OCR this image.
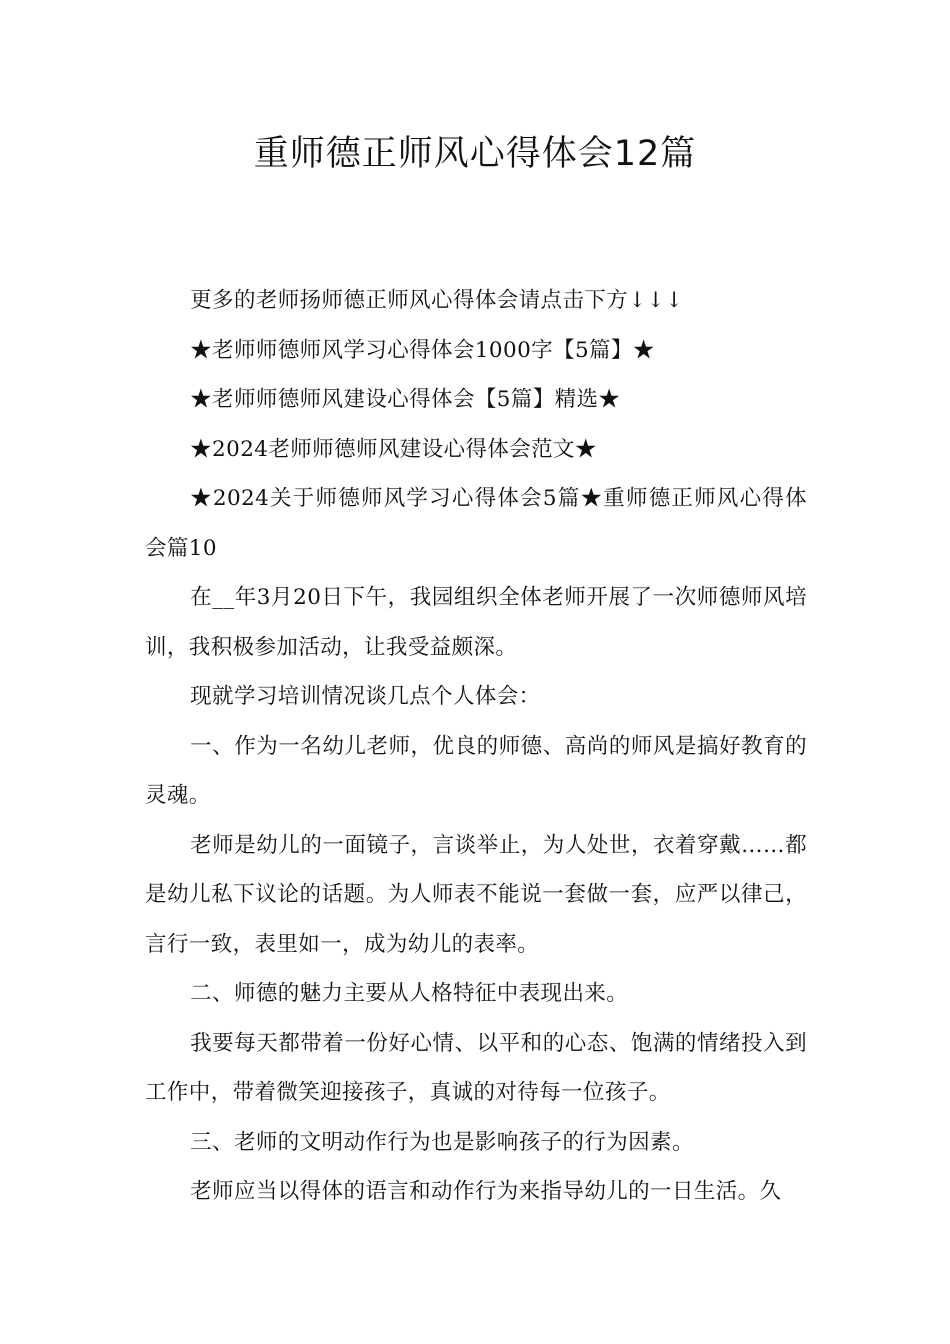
重师德正师风心得体会12篇

更多的老师扬师德正师风心得体会请点击下方↓↓↓

★老师师德师风学习心得体会1000字【5篇】★

★老师师德师风建设心得体会【5篇】精选★

★2024老师师德师风建设心得体会范文★

★2024关于师德师风学习心得体会5篇★重师德正师风心得体会篇10

在__年3月20日下午，我园组织全体老师开展了一次师德师风培训，我积极参加活动，让我受益颇深。

现就学习培训情况谈几点个人体会：

一、作为一名幼儿老师，优良的师德、高尚的师风是搞好教育的灵魂。

老师是幼儿的一面镜子，言谈举止，为人处世，衣着穿戴……都是幼儿私下议论的话题。为人师表不能说一套做一套，应严以律己，言行一致，表里如一，成为幼儿的表率。

二、师德的魅力主要从人格特征中表现出来。

我要每天都带着一份好心情、以平和的心态、饱满的情绪投入到工作中，带着微笑迎接孩子，真诚的对待每一位孩子。

三、老师的文明动作行为也是影响孩子的行为因素。

老师应当以得体的语言和动作行为来指导幼儿的一日生活。久
